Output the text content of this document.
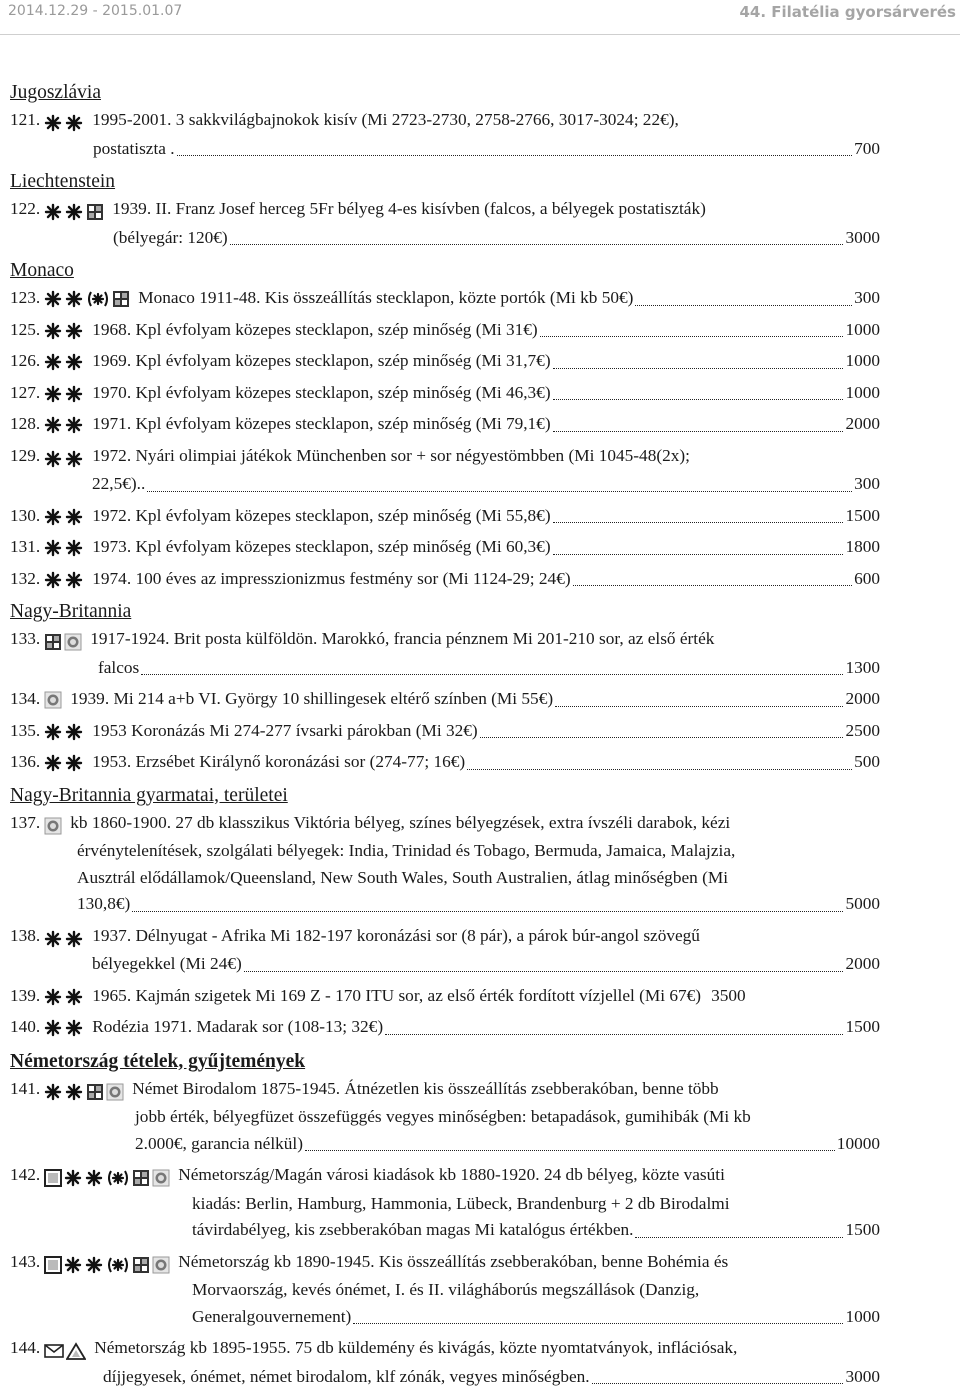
2014.12.29 - 2015.01.07	44. Filatélia gyorsárverés
Jugoszlávia
121.	1995-2001. 3 sakkvilágbajnokok kisív (Mi 2723-2730, 2758-2766, 3017-3024; 22€),
postatiszta .	700
Liechtenstein
122.	1939. II. Franz Josef herceg 5Fr bélyeg 4-es kisívben (falcos, a bélyegek postatiszták)
(bélyegár: 120€)	3000
Monaco
123.	Monaco 1911-48. Kis összeállítás stecklapon, közte portók (Mi kb 50€)	300
125.	1968. Kpl évfolyam közepes stecklapon, szép minőség (Mi 31€)	1000
126.	1969. Kpl évfolyam közepes stecklapon, szép minőség (Mi 31,7€)	1000
127.	1970. Kpl évfolyam közepes stecklapon, szép minőség (Mi 46,3€)	1000
128.	1971. Kpl évfolyam közepes stecklapon, szép minőség (Mi 79,1€)	2000
129.	1972. Nyári olimpiai játékok Münchenben sor + sor négyestömbben (Mi 1045-48(2x);
22,5€)..	300
130.	1972. Kpl évfolyam közepes stecklapon, szép minőség (Mi 55,8€)	1500
131.	1973. Kpl évfolyam közepes stecklapon, szép minőség (Mi 60,3€)	1800
132.	1974. 100 éves az impresszionizmus festmény sor (Mi 1124-29; 24€)	600
Nagy-Britannia
133.	1917-1924. Brit posta külföldön. Marokkó, francia pénznem Mi 201-210 sor, az első érték
falcos	1300
134. 1939. Mi 214 a+b VI. György 10 shillingesek eltérő színben (Mi 55€)	2000
135.	1953 Koronázás Mi 274-277 ívsarki párokban (Mi 32€)	2500
136.	1953. Erzsébet Királynő koronázási sor (274-77; 16€)	500
Nagy-Britannia gyarmatai, területei
137. kb 1860-1900. 27 db klasszikus Viktória bélyeg, színes bélyegzések, extra ívszéli darabok, kézi
érvénytelenítések, szolgálati bélyegek: India, Trinidad és Tobago, Bermuda, Jamaica, Malajzia,
Ausztrál elődállamok/Queensland, New South Wales, South Australien, átlag minőségben (Mi
130,8€)	5000
138.	1937. Délnyugat - Afrika Mi 182-197 koronázási sor (8 pár), a párok búr-angol szövegű
bélyegekkel (Mi 24€)	2000
139.	1965. Kajmán szigetek Mi 169 Z - 170 ITU sor, az első érték fordított vízjellel (Mi 67€) 3500
140.	Rodézia 1971. Madarak sor (108-13; 32€)	1500
Németország tételek, gyűjtemények
141.	Német Birodalom 1875-1945. Átnézetlen kis összeállítás zsebberakóban, benne több
jobb érték, bélyegfüzet összefüggés vegyes minőségben: betapadások, gumihibák (Mi kb
2.000€, garancia nélkül)	10000
142.	Németország/Magán városi kiadások kb 1880-1920. 24 db bélyeg, közte vasúti
kiadás: Berlin, Hamburg, Hammonia, Lübeck, Brandenburg + 2 db Birodalmi
távirdabélyeg, kis zsebberakóban magas Mi katalógus értékben.	1500
143.	Németország kb 1890-1945. Kis összeállítás zsebberakóban, benne Bohémia és
Morvaország, kevés ónémet, I. és II. világháborús megszállások (Danzig,
Generalgouvernement)	1000
144.	Németország kb 1895-1955. 75 db küldemény és kivágás, közte nyomtatványok, inflációsak,
díjjegyesek, ónémet, német birodalom, klf zónák, vegyes minőségben.	3000
